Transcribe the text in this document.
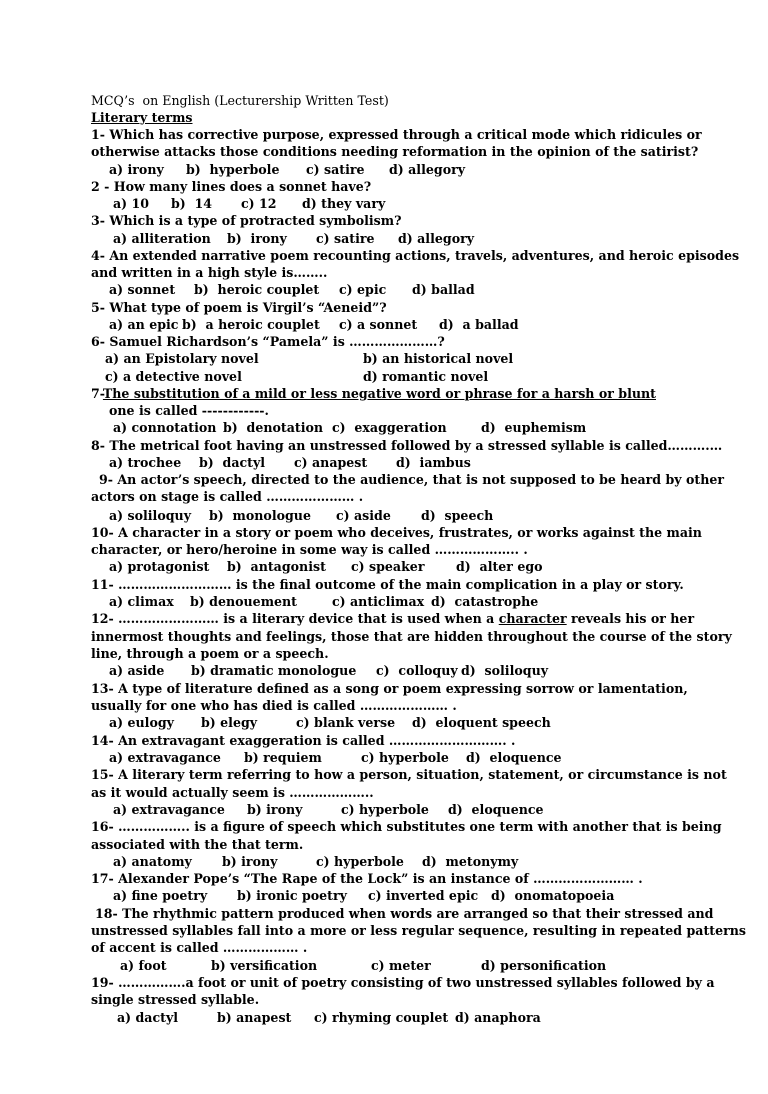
MCQ’s  on English (Lecturership Written Test)
Literary terms
1- Which has corrective purpose, expressed through a critical mode which ridicules or
otherwise attacks those conditions needing reformation in the opinion of the satirist?

a) irony

b)  hyperbole

c) satire

d) allegory

2 - How many lines does a sonnet have?

a) 10

b)  14

c) 12

d) they vary

3- Which is a type of protracted symbolism?

a) alliteration

b)  irony

c) satire

d) allegory

4- An extended narrative poem recounting actions, travels, adventures, and heroic episodes
and written in a high style is……..

a) sonnet

b)  heroic couplet

c) epic

d) ballad

5- What type of poem is Virgil’s “Aeneid”?

a) an epic

b)  a heroic couplet

c) a sonnet

d)  a ballad

6- Samuel Richardson’s “Pamela” is …………………?

a) an Epistolary novel

	b) an historical novel

c) a detective novel

	d) romantic novel

7-The substitution of a mild or less negative word or phrase for a harsh or blunt
one is called ------------.

a) connotation

b)  denotation

c)  exaggeration

	d)  euphemism

8- The metrical foot having an unstressed followed by a stressed syllable is called……….…

a) trochee

b)  dactyl

c) anapest

d)  iambus

9- An actor’s speech, directed to the audience, that is not supposed to be heard by other
actors on stage is called ………………… .

a) soliloquy

b)  monologue

c) aside

d)  speech

10- A character in a story or poem who deceives, frustrates, or works against the main
character, or hero/heroine in some way is called ……………….. .

a) protagonist

b)  antagonist

c) speaker

	d)  alter ego

11- ……………………… is the final outcome of the main complication in a play or story.

a) climax

b) denouement

	c) anticlimax

d)  catastrophe

12- …………………… is a literary device that is used when a character reveals his or her
innermost thoughts and feelings, those that are hidden throughout the course of the story
line, through a poem or a speech.

a) aside

b) dramatic monologue

c)  colloquy

d)  soliloquy

13- A type of literature defined as a song or poem expressing sorrow or lamentation,
usually for one who has died is called ………………… .

a) eulogy

b) elegy

	c) blank verse

d)  eloquent speech

14- An extravagant exaggeration is called ………………………. .

a) extravagance

b) requiem

	c) hyperbole

d)  eloquence

15- A literary term referring to how a person, situation, statement, or circumstance is not
as it would actually seem is ………………..

a) extravagance

b) irony

	c) hyperbole

d)  eloquence

16- …………….. is a figure of speech which substitutes one term with another that is being
associated with the that term.

a) anatomy

b) irony

	c) hyperbole

d)  metonymy

17- Alexander Pope’s “The Rape of the Lock” is an instance of …………………… .

a) fine poetry

b) ironic poetry

c) inverted epic

d)  onomatopoeia

18- The rhythmic pattern produced when words are arranged so that their stressed and
unstressed syllables fall into a more or less regular sequence, resulting in repeated patterns
of accent is called ……………… .

a) foot

	b) versification

	c) meter

	d) personification

19- …………….a foot or unit of poetry consisting of two unstressed syllables followed by a
single stressed syllable.

a) dactyl

	b) anapest

c) rhyming couplet

d) anaphora
